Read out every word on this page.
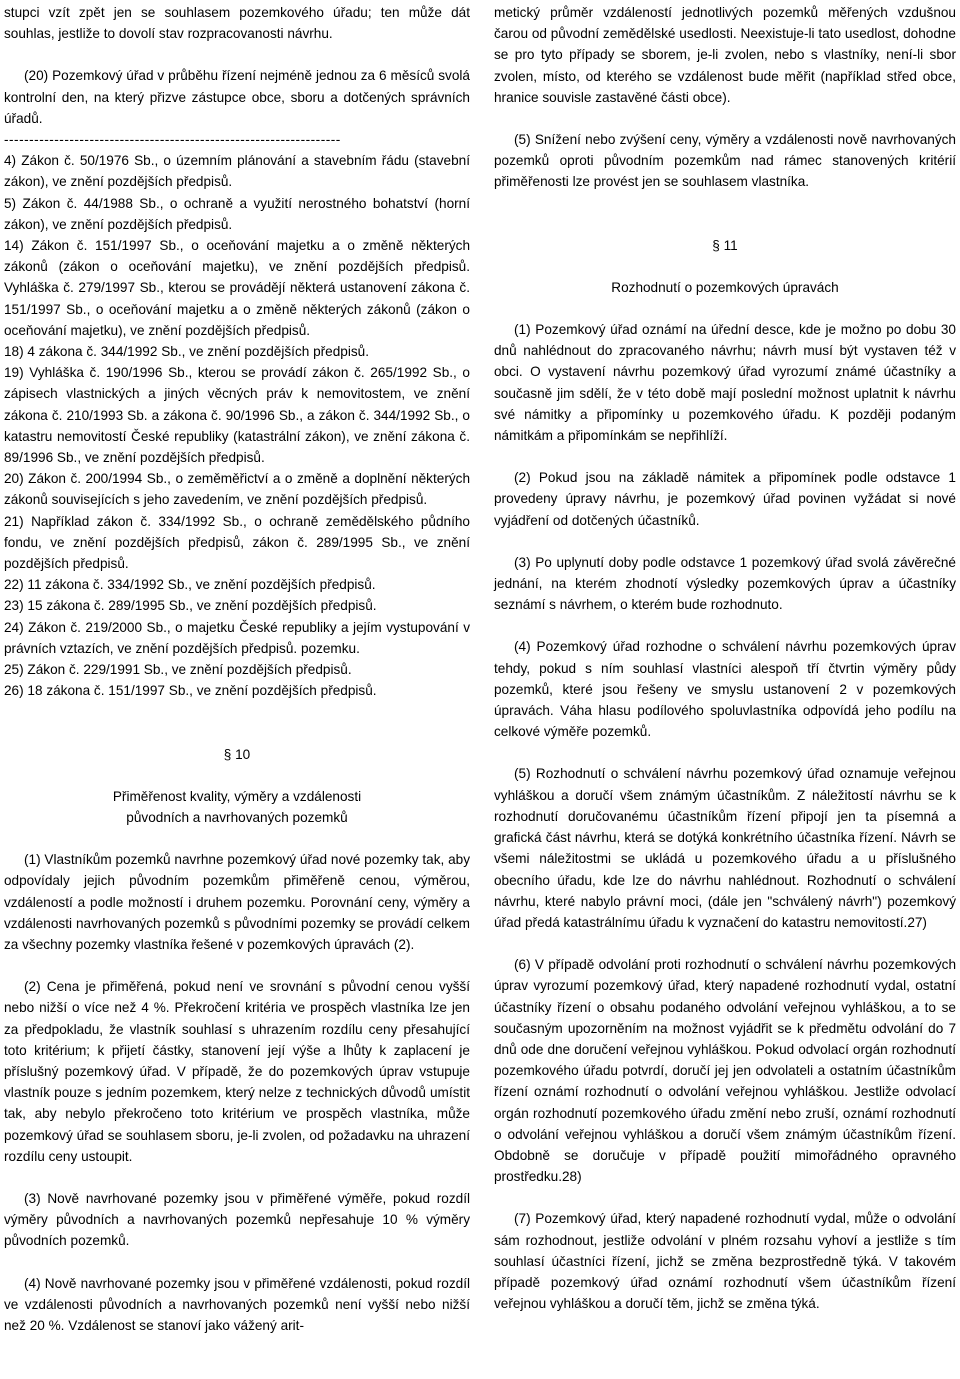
stupci vzít zpět jen se souhlasem pozemkového úřadu; ten může dát souhlas, jestliže to dovolí stav rozpracovanosti návrhu.

(20) Pozemkový úřad v průběhu řízení nejméně jednou za 6 měsíců svolá kontrolní den, na který přizve zástupce obce, sboru a dotčených správních úřadů.

-------------------------------------------------------------------

4) Zákon č. 50/1976 Sb., o územním plánování a stavebním řádu (stavební zákon), ve znění pozdějších předpisů.

5) Zákon č. 44/1988 Sb., o ochraně a využití nerostného bohatství (horní zákon), ve znění pozdějších předpisů.

14) Zákon č. 151/1997 Sb., o oceňování majetku a o změně některých zákonů (zákon o oceňování majetku), ve znění pozdějších předpisů. Vyhláška č. 279/1997 Sb., kterou se provádějí některá ustanovení zákona č. 151/1997 Sb., o oceňování majetku a o změně některých zákonů (zákon o oceňování majetku), ve znění pozdějších předpisů.

18) 4 zákona č. 344/1992 Sb., ve znění pozdějších předpisů.

19) Vyhláška č. 190/1996 Sb., kterou se provádí zákon č. 265/1992 Sb., o zápisech vlastnických a jiných věcných práv k nemovitostem, ve znění zákona č. 210/1993 Sb. a zákona č. 90/1996 Sb., a zákon č. 344/1992 Sb., o katastru nemovitostí České republiky (katastrální zákon), ve znění zákona č. 89/1996 Sb., ve znění pozdějších předpisů.

20) Zákon č. 200/1994 Sb., o zeměměřictví a o změně a doplnění některých zákonů souvisejících s jeho zavedením, ve znění pozdějších předpisů.

21) Například zákon č. 334/1992 Sb., o ochraně zemědělského půdního fondu, ve znění pozdějších předpisů, zákon č. 289/1995 Sb., ve znění pozdějších předpisů.

22) 11 zákona č. 334/1992 Sb., ve znění pozdějších předpisů.

23) 15 zákona č. 289/1995 Sb., ve znění pozdějších předpisů.

24) Zákon č. 219/2000 Sb., o majetku České republiky a jejím vystupování v právních vztazích, ve znění pozdějších předpisů. pozemku.

25) Zákon č. 229/1991 Sb., ve znění pozdějších předpisů.

26) 18 zákona č. 151/1997 Sb., ve znění pozdějších předpisů.

§ 10

Přiměřenost kvality, výměry a vzdálenosti

původních a navrhovaných pozemků

(1) Vlastníkům pozemků navrhne pozemkový úřad nové pozemky tak, aby odpovídaly jejich původním pozemkům přiměřeně cenou, výměrou, vzdáleností a podle možností i druhem pozemku. Porovnání ceny, výměry a vzdálenosti navrhovaných pozemků s původními pozemky se provádí celkem za všechny pozemky vlastníka řešené v pozemkových úpravách (2).

(2) Cena je přiměřená, pokud není ve srovnání s původní cenou vyšší nebo nižší o více než 4 %. Překročení kritéria ve prospěch vlastníka lze jen za předpokladu, že vlastník souhlasí s uhrazením rozdílu ceny přesahující toto kritérium; k přijetí částky, stanovení její výše a lhůty k zaplacení je příslušný pozemkový úřad. V případě, že do pozemkových úprav vstupuje vlastník pouze s jedním pozemkem, který nelze z technických důvodů umístit tak, aby nebylo překročeno toto kritérium ve prospěch vlastníka, může pozemkový úřad se souhlasem sboru, je-li zvolen, od požadavku na uhrazení rozdílu ceny ustoupit.

(3) Nově navrhované pozemky jsou v přiměřené výměře, pokud rozdíl výměry původních a navrhovaných pozemků nepřesahuje 10 % výměry původních pozemků.

(4) Nově navrhované pozemky jsou v přiměřené vzdálenosti, pokud rozdíl ve vzdálenosti původních a navrhovaných pozemků není vyšší nebo nižší než 20 %. Vzdálenost se stanoví jako vážený arit-

metický průměr vzdáleností jednotlivých pozemků měřených vzdušnou čarou od původní zemědělské usedlosti. Neexistuje-li tato usedlost, dohodne se pro tyto případy se sborem, je-li zvolen, nebo s vlastníky, není-li sbor zvolen, místo, od kterého se vzdálenost bude měřit (například střed obce, hranice souvisle zastavěné části obce).

(5) Snížení nebo zvýšení ceny, výměry a vzdálenosti nově navrhovaných pozemků oproti původním pozemkům nad rámec stanovených kritérií přiměřenosti lze provést jen se souhlasem vlastníka.

§ 11

Rozhodnutí o pozemkových úpravách

(1) Pozemkový úřad oznámí na úřední desce, kde je možno po dobu 30 dnů nahlédnout do zpracovaného návrhu; návrh musí být vystaven též v obci. O vystavení návrhu pozemkový úřad vyrozumí známé účastníky a současně jim sdělí, že v této době mají poslední možnost uplatnit k návrhu své námitky a připomínky u pozemkového úřadu. K později podaným námitkám a připomínkám se nepřihlíží.

(2) Pokud jsou na základě námitek a připomínek podle odstavce 1 provedeny úpravy návrhu, je pozemkový úřad povinen vyžádat si nové vyjádření od dotčených účastníků.

(3) Po uplynutí doby podle odstavce 1 pozemkový úřad svolá závěrečné jednání, na kterém zhodnotí výsledky pozemkových úprav a účastníky seznámí s návrhem, o kterém bude rozhodnuto.

(4) Pozemkový úřad rozhodne o schválení návrhu pozemkových úprav tehdy, pokud s ním souhlasí vlastníci alespoň tří čtvrtin výměry půdy pozemků, které jsou řešeny ve smyslu ustanovení 2 v pozemkových úpravách. Váha hlasu podílového spoluvlastníka odpovídá jeho podílu na celkové výměře pozemků.

(5) Rozhodnutí o schválení návrhu pozemkový úřad oznamuje veřejnou vyhláškou a doručí všem známým účastníkům. Z náležitostí návrhu se k rozhodnutí doručovanému účastníkům řízení připojí jen ta písemná a grafická část návrhu, která se dotýká konkrétního účastníka řízení. Návrh se všemi náležitostmi se ukládá u pozemkového úřadu a u příslušného obecního úřadu, kde lze do návrhu nahlédnout. Rozhodnutí o schválení návrhu, které nabylo právní moci, (dále jen "schválený návrh") pozemkový úřad předá katastrálnímu úřadu k vyznačení do katastru nemovitostí.27)

(6) V případě odvolání proti rozhodnutí o schválení návrhu pozemkových úprav vyrozumí pozemkový úřad, který napadené rozhodnutí vydal, ostatní účastníky řízení o obsahu podaného odvolání veřejnou vyhláškou, a to se současným upozorněním na možnost vyjádřit se k předmětu odvolání do 7 dnů ode dne doručení veřejnou vyhláškou. Pokud odvolací orgán rozhodnutí pozemkového úřadu potvrdí, doručí jej jen odvolateli a ostatním účastníkům řízení oznámí rozhodnutí o odvolání veřejnou vyhláškou. Jestliže odvolací orgán rozhodnutí pozemkového úřadu změní nebo zruší, oznámí rozhodnutí o odvolání veřejnou vyhláškou a doručí všem známým účastníkům řízení. Obdobně se doručuje v případě použití mimořádného opravného prostředku.28)

(7) Pozemkový úřad, který napadené rozhodnutí vydal, může o odvolání sám rozhodnout, jestliže odvolání v plném rozsahu vyhoví a jestliže s tím souhlasí účastníci řízení, jichž se změna bezprostředně týká. V takovém případě pozemkový úřad oznámí rozhodnutí všem účastníkům řízení veřejnou vyhláškou a doručí těm, jichž se změna týká.
